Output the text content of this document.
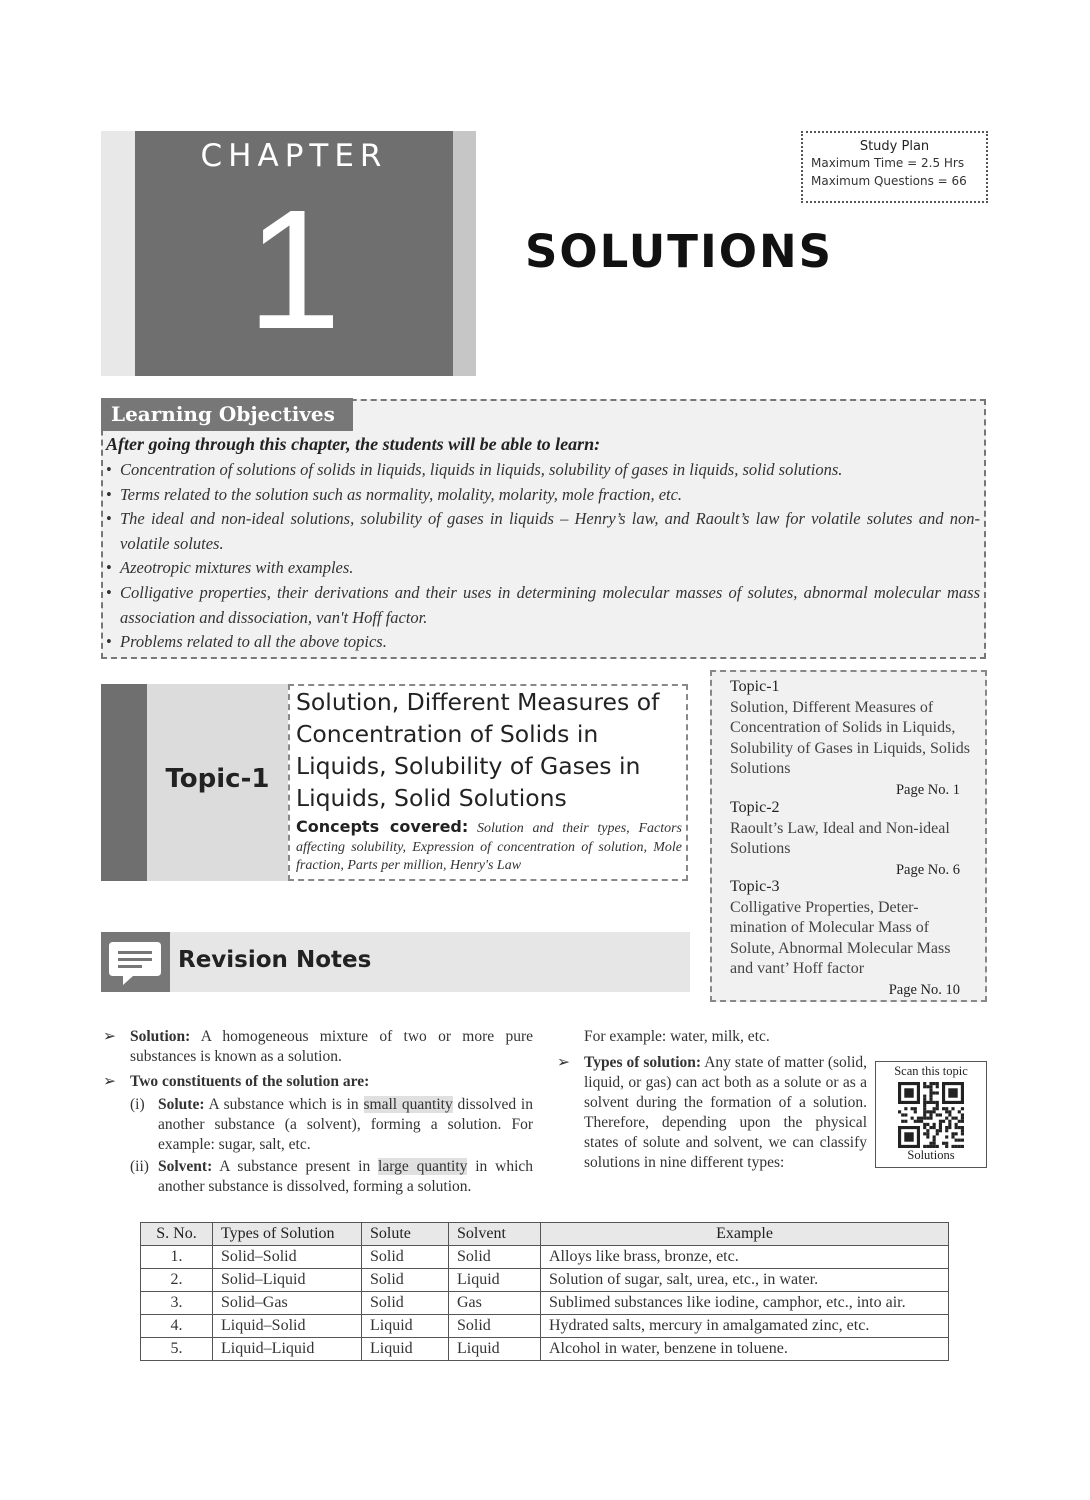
CHAPTER
1	SOLUTIONS
Study Plan
Maximum Time = 2.5 Hrs
Maximum Questions = 66
Learning Objectives
After going through this chapter, the students will be able to learn:
• Concentration of solutions of solids in liquids, liquids in liquids, solubility of gases in liquids, solid solutions.
• Terms related to the solution such as normality, molality, molarity, mole fraction, etc.
• The ideal and non-ideal solutions, solubility of gases in liquids – Henry’s law, and Raoult’s law for volatile solutes and non-volatile solutes.
• Azeotropic mixtures with examples.
• Colligative properties, their derivations and their uses in determining molecular masses of solutes, abnormal molecular mass association and dissociation, van't Hoff factor.
• Problems related to all the above topics.
Topic-1
Solution, Different Measures of Concentration of Solids in Liquids, Solubility of Gases in Liquids, Solid Solutions
Concepts covered: Solution and their types, Factors affecting solubility, Expression of concentration of solution, Mole fraction, Parts per million, Henry's Law
Topic-1
Solution, Different Measures of Concentration of Solids in Liquids, Solubility of Gases in Liquids, Solids Solutions
Page No. 1
Topic-2
Raoult’s Law, Ideal and Non-ideal Solutions
Page No. 6
Topic-3
Colligative Properties, Deter-mination of Molecular Mass of Solute, Abnormal Molecular Mass and vant’ Hoff factor
Page No. 10
Revision Notes
➢ Solution: A homogeneous mixture of two or more pure substances is known as a solution.
➢ Two constituents of the solution are:
(i) Solute: A substance which is in small quantity dissolved in another substance (a solvent), forming a solution. For example: sugar, salt, etc.
(ii) Solvent: A substance present in large quantity in which another substance is dissolved, forming a solution.
For example: water, milk, etc.
➢ Types of solution: Any state of matter (solid, liquid, or gas) can act both as a solute or as a solvent during the formation of a solution. Therefore, depending upon the physical states of solute and solvent, we can classify solutions in nine different types:
Scan this topic
Solutions
S. No.	Types of Solution	Solute	Solvent	Example
1.	Solid–Solid	Solid	Solid	Alloys like brass, bronze, etc.
2.	Solid–Liquid	Solid	Liquid	Solution of sugar, salt, urea, etc., in water.
3.	Solid–Gas	Solid	Gas	Sublimed substances like iodine, camphor, etc., into air.
4.	Liquid–Solid	Liquid	Solid	Hydrated salts, mercury in amalgamated zinc, etc.
5.	Liquid–Liquid	Liquid	Liquid	Alcohol in water, benzene in toluene.
